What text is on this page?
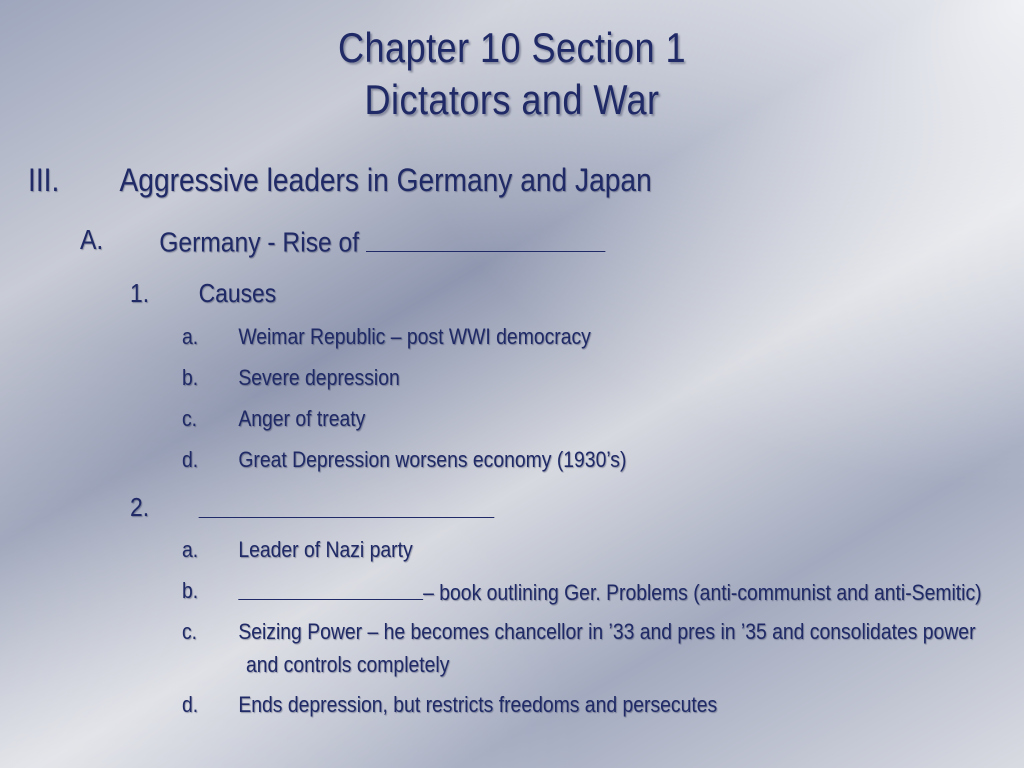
Chapter 10 Section 1
Dictators and War
III. Aggressive leaders in Germany and Japan
A. Germany - Rise of
1. Causes
a. Weimar Republic – post WWI democracy
b. Severe depression
c. Anger of treaty
d. Great Depression worsens economy (1930’s)
2.
a. Leader of Nazi party
b.	– book outlining Ger. Problems (anti-communist and anti-Semitic)
c. Seizing Power – he becomes chancellor in ’33 and pres in ’35 and consolidates power
and controls completely
d. Ends depression, but restricts freedoms and persecutes
